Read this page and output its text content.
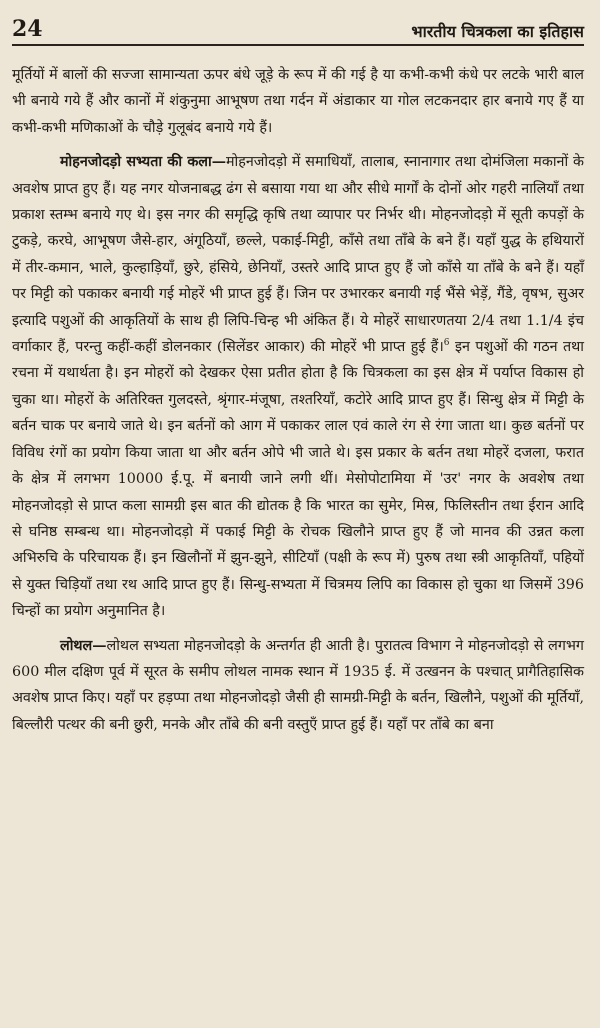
24	भारतीय चित्रकला का इतिहास

मूर्तियों में बालों की सज्जा सामान्यता ऊपर बंधे जूड़े के रूप में की गई है या कभी-कभी कंधे पर लटके भारी बाल भी बनाये गये हैं और कानों में शंकुनुमा आभूषण तथा गर्दन में अंडाकार या गोल लटकनदार हार बनाये गए हैं या कभी-कभी मणिकाओं के चौड़े गुलूबंद बनाये गये हैं।

मोहनजोदड़ो सभ्यता की कला—मोहनजोदड़ो में समाधियाँ, तालाब, स्नानागार तथा दोमंजिला मकानों के अवशेष प्राप्त हुए हैं। यह नगर योजनाबद्ध ढंग से बसाया गया था और सीधे मार्गों के दोनों ओर गहरी नालियाँ तथा प्रकाश स्तम्भ बनाये गए थे। इस नगर की समृद्धि कृषि तथा व्यापार पर निर्भर थी। मोहनजोदड़ो में सूती कपड़ों के टुकड़े, करघे, आभूषण जैसे-हार, अंगूठियाँ, छल्ले, पकाई-मिट्टी, काँसे तथा ताँबे के बने हैं। यहाँ युद्ध के हथियारों में तीर-कमान, भाले, कुल्हाड़ियाँ, छुरे, हंसिये, छेनियाँ, उस्तरे आदि प्राप्त हुए हैं जो काँसे या ताँबे के बने हैं। यहाँ पर मिट्टी को पकाकर बनायी गई मोहरें भी प्राप्त हुई हैं। जिन पर उभारकर बनायी गई भैंसे भेड़ें, गैंडे, वृषभ, सुअर इत्यादि पशुओं की आकृतियों के साथ ही लिपि-चिन्ह भी अंकित हैं। ये मोहरें साधारणतया 2/4 तथा 1.1/4 इंच वर्गाकार हैं, परन्तु कहीं-कहीं डोलनकार (सिलेंडर आकार) की मोहरें भी प्राप्त हुई हैं।$^6$ इन पशुओं की गठन तथा रचना में यथार्थता है। इन मोहरों को देखकर ऐसा प्रतीत होता है कि चित्रकला का इस क्षेत्र में पर्याप्त विकास हो चुका था। मोहरों के अतिरिक्त गुलदस्ते, श्रृंगार-मंजूषा, तश्तरियाँ, कटोरे आदि प्राप्त हुए हैं। सिन्धु क्षेत्र में मिट्टी के बर्तन चाक पर बनाये जाते थे। इन बर्तनों को आग में पकाकर लाल एवं काले रंग से रंगा जाता था। कुछ बर्तनों पर विविध रंगों का प्रयोग किया जाता था और बर्तन ओपे भी जाते थे। इस प्रकार के बर्तन तथा मोहरें दजला, फरात के क्षेत्र में लगभग 10000 ई.पू. में बनायी जाने लगी थीं। मेसोपोटामिया में 'उर' नगर के अवशेष तथा मोहनजोदड़ो से प्राप्त कला सामग्री इस बात की द्योतक है कि भारत का सुमेर, मिस्र, फिलिस्तीन तथा ईरान आदि से घनिष्ठ सम्बन्ध था। मोहनजोदड़ो में पकाई मिट्टी के रोचक खिलौने प्राप्त हुए हैं जो मानव की उन्नत कला अभिरुचि के परिचायक हैं। इन खिलौनों में झुन-झुने, सीटियाँ (पक्षी के रूप में) पुरुष तथा स्त्री आकृतियाँ, पहियों से युक्त चिड़ियाँ तथा रथ आदि प्राप्त हुए हैं। सिन्धु-सभ्यता में चित्रमय लिपि का विकास हो चुका था जिसमें 396 चिन्हों का प्रयोग अनुमानित है।

लोथल—लोथल सभ्यता मोहनजोदड़ो के अन्तर्गत ही आती है। पुरातत्व विभाग ने मोहनजोदड़ो से लगभग 600 मील दक्षिण पूर्व में सूरत के समीप लोथल नामक स्थान में 1935 ई. में उत्खनन के पश्चात् प्रागैतिहासिक अवशेष प्राप्त किए। यहाँ पर हड़प्पा तथा मोहनजोदड़ो जैसी ही सामग्री-मिट्टी के बर्तन, खिलौने, पशुओं की मूर्तियाँ, बिल्लौरी पत्थर की बनी छुरी, मनके और ताँबे की बनी वस्तुएँ प्राप्त हुई हैं। यहाँ पर ताँबे का बना
